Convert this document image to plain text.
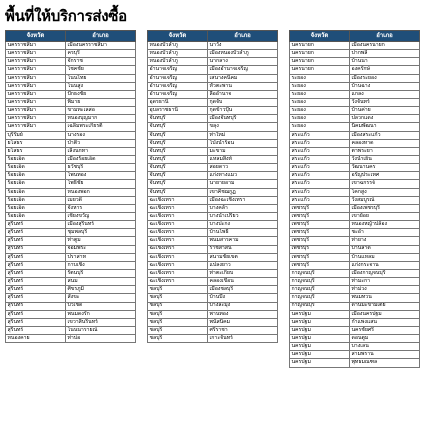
พื้นที่ให้บริการส่งซื้อ
จังหวัด	อำเภอ
นครราชสีมา	เมืองนครราชสีมา
นครราชสีมา	ครบุรี
นครราชสีมา	จักราช
นครราชสีมา	โชคชัย
นครราชสีมา	โนนไทย
นครราชสีมา	โนนสูง
นครราชสีมา	ปักธงชัย
นครราชสีมา	พิมาย
นครราชสีมา	ขามทะเลสอ
นครราชสีมา	หนองบุญมาก
นครราชสีมา	เฉลิมพระเกียรติ
บุรีรัมย์	นางรอง
ยโสธร	ป่าติ้ว
ยโสธร	เลิงนกทา
ร้อยเอ็ด	เมืองร้อยเอ็ด
ร้อยเอ็ด	ธวัชบุรี
ร้อยเอ็ด	โพนทอง
ร้อยเอ็ด	โพธิ์ชัย
ร้อยเอ็ด	หนองพอก
ร้อยเอ็ด	เมยวดี
ร้อยเอ็ด	จังหาร
ร้อยเอ็ด	เชียงขวัญ
สุรินทร์	เมืองสุรินทร์
สุรินทร์	ชุมพลบุรี
สุรินทร์	ท่าตูม
สุรินทร์	จอมพระ
สุรินทร์	ปราสาท
สุรินทร์	กาบเชิง
สุรินทร์	รัตนบุรี
สุรินทร์	สนม
สุรินทร์	ศีขรภูมิ
สุรินทร์	สังขะ
สุรินทร์	บัวเชด
สุรินทร์	พนมดงรัก
สุรินทร์	เขวาสินรินทร์
สุรินทร์	โนนนารายณ์
หนองคาย	ท่าบ่อ
จังหวัด	อำเภอ
หนองบัวลำภู	นาวัง
หนองบัวลำภู	เมืองหนองบัวลำภู
หนองบัวลำภู	นากลาง
อำนาจเจริญ	เมืองอำนาจเจริญ
อำนาจเจริญ	เสนางคนิคม
อำนาจเจริญ	หัวตะพาน
อำนาจเจริญ	ลืออำนาจ
อุดรธานี	กุดจับ
อุบลราชธานี	กุดข้าวปุ้น
จันทบุรี	เมืองจันทบุรี
จันทบุรี	ขลุง
จันทบุรี	ท่าใหม่
จันทบุรี	โป่งน้ำร้อน
จันทบุรี	มะขาม
จันทบุรี	แหลมสิงห์
จันทบุรี	สอยดาว
จันทบุรี	แก่งหางแมว
จันทบุรี	นายายอาม
จันทบุรี	เขาคิชฌกูฏ
ฉะเชิงเทรา	เมืองฉะเชิงเทรา
ฉะเชิงเทรา	บางคล้า
ฉะเชิงเทรา	บางน้ำเปรี้ยว
ฉะเชิงเทรา	บางปะกง
ฉะเชิงเทรา	บ้านโพธิ์
ฉะเชิงเทรา	พนมสารคาม
ฉะเชิงเทรา	ราชสาส์น
ฉะเชิงเทรา	สนามชัยเขต
ฉะเชิงเทรา	แปลงยาว
ฉะเชิงเทรา	ท่าตะเกียบ
ฉะเชิงเทรา	คลองเขื่อน
ชลบุรี	เมืองชลบุรี
ชลบุรี	บ้านบึง
ชลบุรี	บางละมุง
ชลบุรี	พานทอง
ชลบุรี	พนัสนิคม
ชลบุรี	ศรีราชา
ชลบุรี	เกาะจันทร์
จังหวัด	อำเภอ
นครนายก	เมืองนครนายก
นครนายก	ปากพลี
นครนายก	บ้านนา
นครนายก	องครักษ์
ระยอง	เมืองระยอง
ระยอง	บ้านฉาง
ระยอง	แกลง
ระยอง	วังจันทร์
ระยอง	บ้านค่าย
ระยอง	ปลวกแดง
ระยอง	นิคมพัฒนา
สระแก้ว	เมืองสระแก้ว
สระแก้ว	คลองหาด
สระแก้ว	ตาพระยา
สระแก้ว	วังน้ำเย็น
สระแก้ว	วัฒนานคร
สระแก้ว	อรัญประเทศ
สระแก้ว	เขาฉกรรจ์
สระแก้ว	โคกสูง
สระแก้ว	วังสมบูรณ์
เพชรบุรี	เมืองเพชรบุรี
เพชรบุรี	เขาย้อย
เพชรบุรี	หนองหญ้าปล้อง
เพชรบุรี	ชะอำ
เพชรบุรี	ท่ายาง
เพชรบุรี	บ้านลาด
เพชรบุรี	บ้านแหลม
เพชรบุรี	แก่งกระจาน
กาญจนบุรี	เมืองกาญจนบุรี
กาญจนบุรี	ท่ามะกา
กาญจนบุรี	ท่าม่วง
กาญจนบุรี	พนมทวน
กาญจนบุรี	ด่านมะขามเตี้ย
นครปฐม	เมืองนครปฐม
นครปฐม	กำแพงแสน
นครปฐม	นครชัยศรี
นครปฐม	ดอนตูม
นครปฐม	บางเลน
นครปฐม	สามพราน
นครปฐม	พุทธมณฑล
